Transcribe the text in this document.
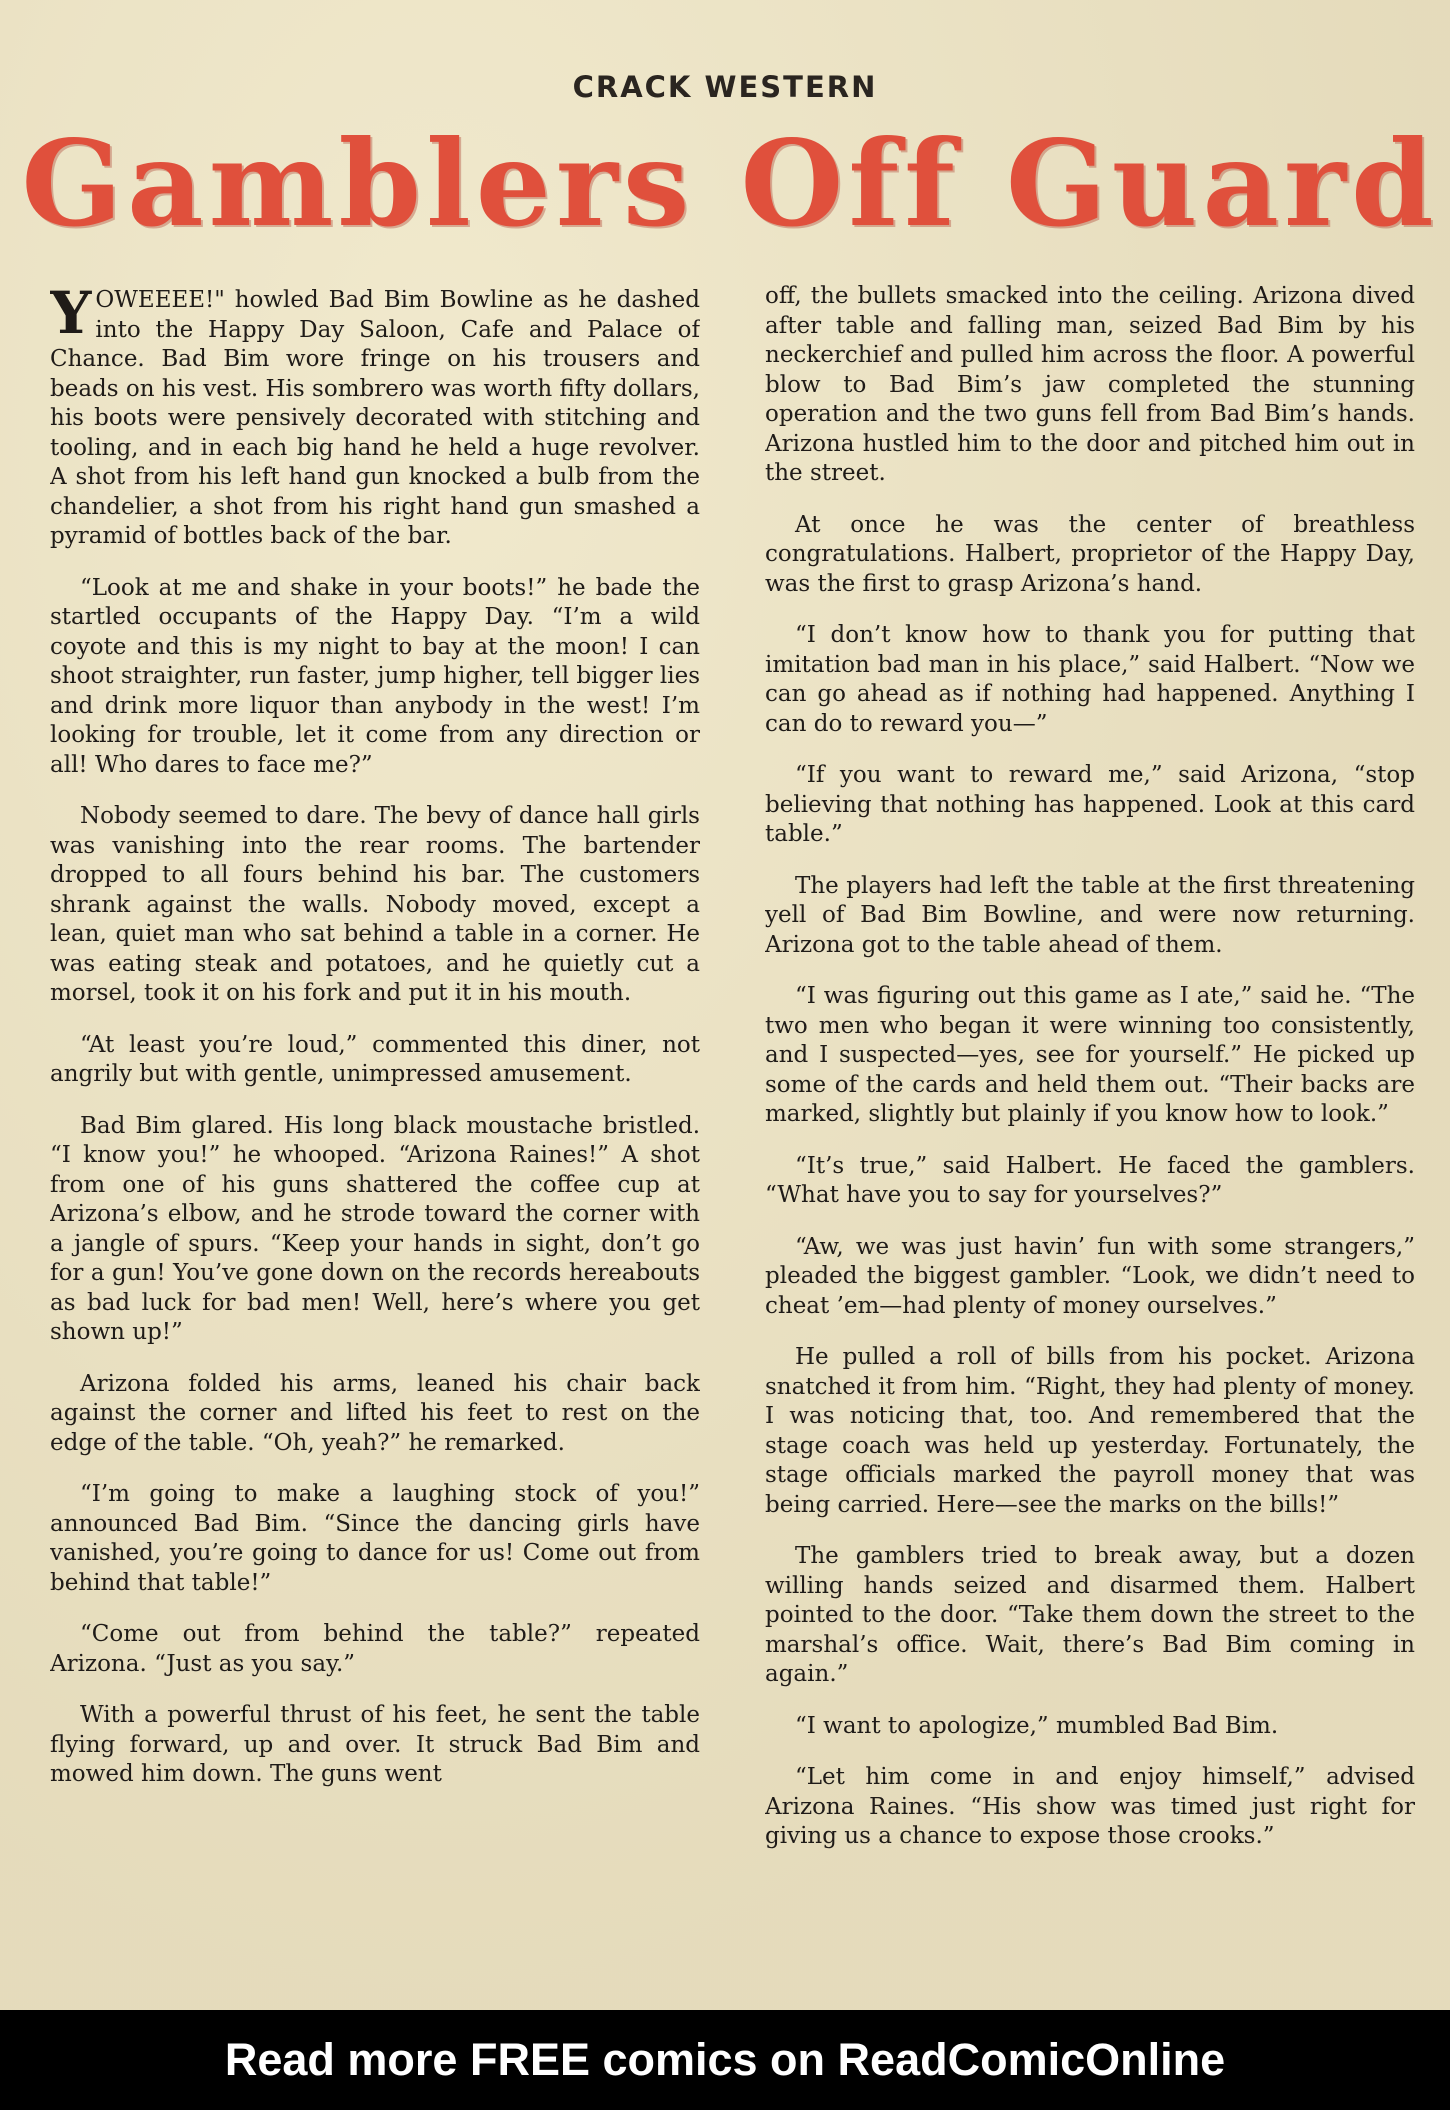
CRACK WESTERN
Gamblers Off Guard

YOWEEEE!" howled Bad Bim Bowline as he dashed into the Happy Day Saloon, Cafe and Palace of Chance. Bad Bim wore fringe on his trousers and beads on his vest. His sombrero was worth fifty dollars, his boots were pensively decorated with stitching and tooling, and in each big hand he held a huge revolver. A shot from his left hand gun knocked a bulb from the chandelier, a shot from his right hand gun smashed a pyramid of bottles back of the bar.

“Look at me and shake in your boots!” he bade the startled occupants of the Happy Day. “I’m a wild coyote and this is my night to bay at the moon! I can shoot straighter, run faster, jump higher, tell bigger lies and drink more liquor than anybody in the west! I’m looking for trouble, let it come from any direction or all! Who dares to face me?”

Nobody seemed to dare. The bevy of dance hall girls was vanishing into the rear rooms. The bartender dropped to all fours behind his bar. The customers shrank against the walls. Nobody moved, except a lean, quiet man who sat behind a table in a corner. He was eating steak and potatoes, and he quietly cut a morsel, took it on his fork and put it in his mouth.

“At least you’re loud,” commented this diner, not angrily but with gentle, unimpressed amusement.

Bad Bim glared. His long black moustache bristled. “I know you!” he whooped. “Arizona Raines!” A shot from one of his guns shattered the coffee cup at Arizona’s elbow, and he strode toward the corner with a jangle of spurs. “Keep your hands in sight, don’t go for a gun! You’ve gone down on the records hereabouts as bad luck for bad men! Well, here’s where you get shown up!”

Arizona folded his arms, leaned his chair back against the corner and lifted his feet to rest on the edge of the table. “Oh, yeah?” he remarked.

“I’m going to make a laughing stock of you!” announced Bad Bim. “Since the dancing girls have vanished, you’re going to dance for us! Come out from behind that table!”

“Come out from behind the table?” repeated Arizona. “Just as you say.”

With a powerful thrust of his feet, he sent the table flying forward, up and over. It struck Bad Bim and mowed him down. The guns went

off, the bullets smacked into the ceiling. Arizona dived after table and falling man, seized Bad Bim by his neckerchief and pulled him across the floor. A powerful blow to Bad Bim’s jaw completed the stunning operation and the two guns fell from Bad Bim’s hands. Arizona hustled him to the door and pitched him out in the street.

At once he was the center of breathless congratulations. Halbert, proprietor of the Happy Day, was the first to grasp Arizona’s hand.

“I don’t know how to thank you for putting that imitation bad man in his place,” said Halbert. “Now we can go ahead as if nothing had happened. Anything I can do to reward you—”

“If you want to reward me,” said Arizona, “stop believing that nothing has happened. Look at this card table.”

The players had left the table at the first threatening yell of Bad Bim Bowline, and were now returning. Arizona got to the table ahead of them.

“I was figuring out this game as I ate,” said he. “The two men who began it were winning too consistently, and I suspected—yes, see for yourself.” He picked up some of the cards and held them out. “Their backs are marked, slightly but plainly if you know how to look.”

“It’s true,” said Halbert. He faced the gamblers. “What have you to say for yourselves?”

“Aw, we was just havin’ fun with some strangers,” pleaded the biggest gambler. “Look, we didn’t need to cheat ’em—had plenty of money ourselves.”

He pulled a roll of bills from his pocket. Arizona snatched it from him. “Right, they had plenty of money. I was noticing that, too. And remembered that the stage coach was held up yesterday. Fortunately, the stage officials marked the payroll money that was being carried. Here—see the marks on the bills!”

The gamblers tried to break away, but a dozen willing hands seized and disarmed them. Halbert pointed to the door. “Take them down the street to the marshal’s office. Wait, there’s Bad Bim coming in again.”

“I want to apologize,” mumbled Bad Bim.

“Let him come in and enjoy himself,” advised Arizona Raines. “His show was timed just right for giving us a chance to expose those crooks.”

Read more FREE comics on ReadComicOnline
